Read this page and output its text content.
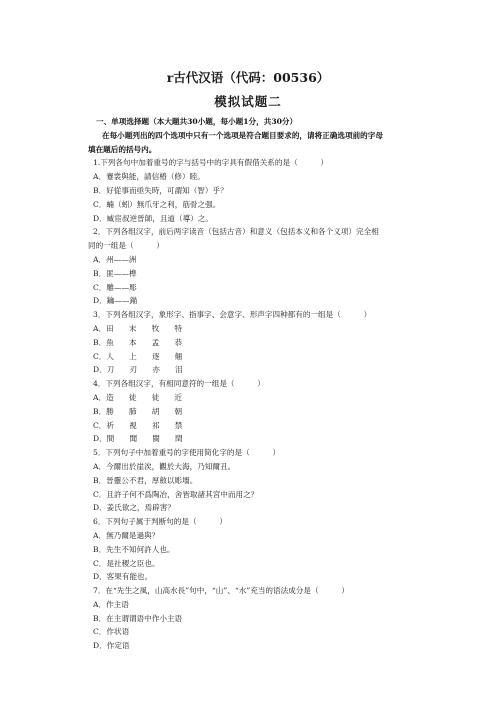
r古代汉语（代码：00536）
模拟试题二
一、单项选择题（本大题共30小题，每小题1分，共30分）
在每小题列出的四个选项中只有一个选项是符合题目要求的，请将正确选项前的字母
填在题后的括号内。
1.下列各句中加着重号的字与括号中的字具有假借关系的是（　　　）
A．蹇裳與能，請信椿（修）睦。
B．好從事而亟失時，可謂知（智）乎？
C．蝻（蚓）無爪牙之利，筋骨之强。
D．臧宦叔逆晉師，且道（導）之。
2．下列各组汉字，前后两字读音（包括古音）和意义（包括本义和各个义项）完全相
同的一组是（　　　）
A．州——洲
B．匪——榫
C．雕——彫
D．鑰——錨
3．下列各组汉字，象形字、指事字、会意字、形声字四种都有的一组是（　　　）
A．田　　末　　牧　　特
B．魚　　本　　孟　　恭
C．人　　上　　逐　　翹
D．刀　　刃　　亦　　泪
4．下列各组汉字，有相同意符的一组是（　　　）
A．造　　徒　　徒　　近
B．勝　　肺　　胡　　朝
C．祈　　視　　祁　　禁
D．間　　聞　　閩　　閏
5．下列句子中加着重号的字使用简化字的是（　　　）
A．今爾出於崖涘，觀於大海，乃知爾丑。
B．晉靈公不君，厚斂以彫墻。
C．且許子何不爲陶冶，舍皆取諸其宮中而用之？
D．姜氏欲之，焉辟害？
6．下列句子属于判断句的是（　　　）
A．無乃爾是過與？
B．先生不知何許人也。
C．是社稷之臣也。
D．客果有能也。
7．在“先生之風，山高水長”句中，“山”、“水”充当的语法成分是（　　　）
A．作主语
B．在主谓谓语中作小主语
C．作状语
D．作定语
